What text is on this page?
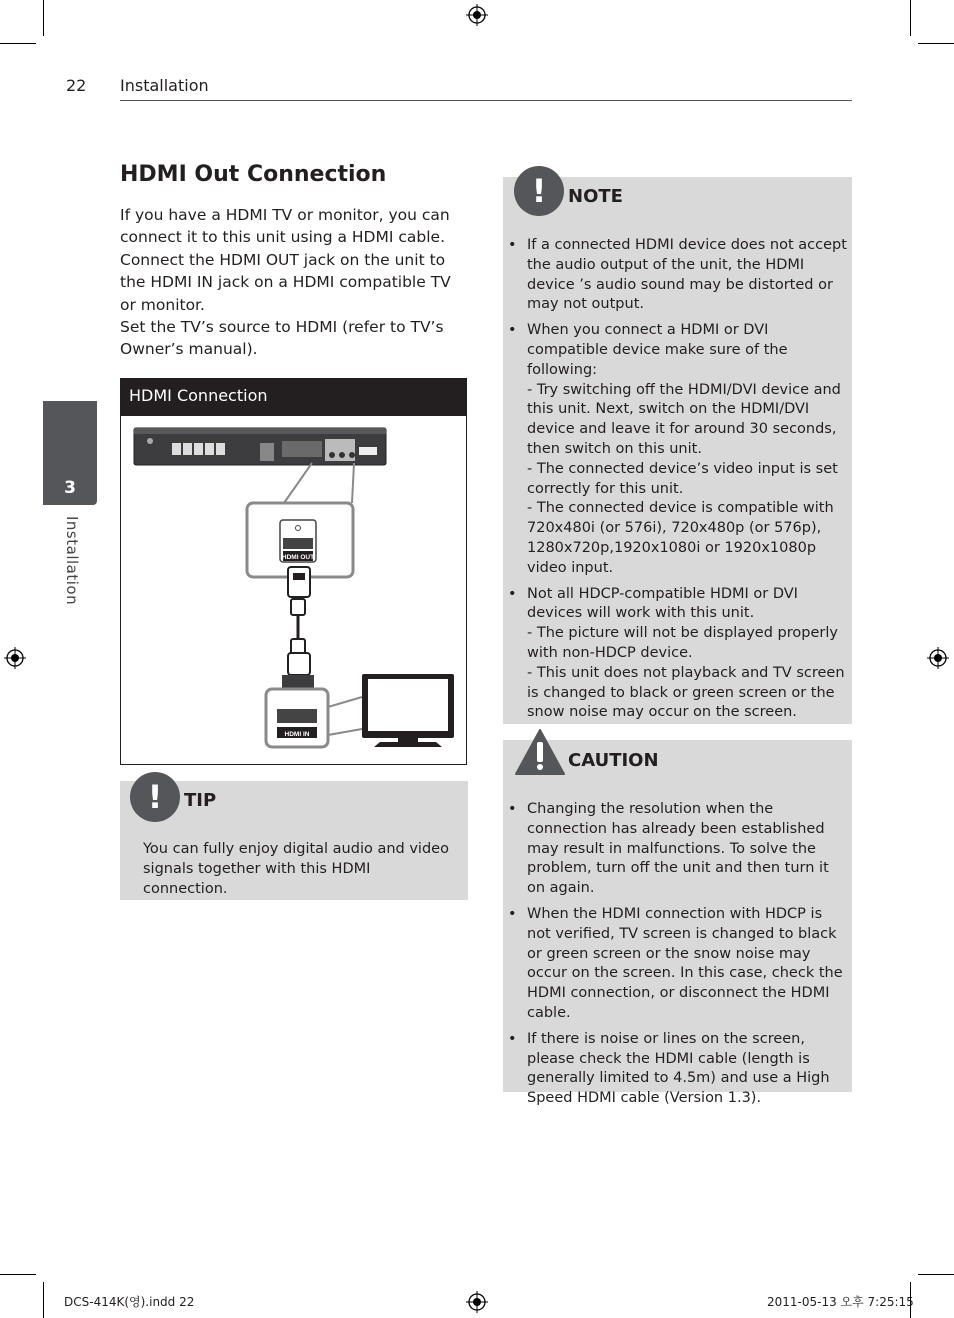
22 Installation
3
Installation
HDMI Out Connection

If you have a HDMI TV or monitor, you can connect it to this unit using a HDMI cable. Connect the HDMI OUT jack on the unit to the HDMI IN jack on a HDMI compatible TV or monitor.

Set the TV’s source to HDMI (refer to TV’s Owner’s manual).

HDMI Connection
HDMI OUT
HDMI IN
!	TIP
You can fully enjoy digital audio and video signals together with this HDMI connection.
!	NOTE
• If a connected HDMI device does not accept the audio output of the unit, the HDMI device ’s audio sound may be distorted or may not output.
• When you connect a HDMI or DVI compatible device make sure of the following:
- Try switching off the HDMI/DVI device and this unit. Next, switch on the HDMI/DVI device and leave it for around 30 seconds, then switch on this unit.
- The connected device’s video input is set correctly for this unit.
- The connected device is compatible with 720x480i (or 576i), 720x480p (or 576p), 1280x720p,1920x1080i or 1920x1080p video input.
• Not all HDCP-compatible HDMI or DVI devices will work with this unit.
- The picture will not be displayed properly with non-HDCP device.
- This unit does not playback and TV screen is changed to black or green screen or the snow noise may occur on the screen.
CAUTION
• Changing the resolution when the connection has already been established may result in malfunctions. To solve the problem, turn off the unit and then turn it on again.
• When the HDMI connection with HDCP is not verified, TV screen is changed to black or green screen or the snow noise may occur on the screen. In this case, check the HDMI connection, or disconnect the HDMI cable.
• If there is noise or lines on the screen, please check the HDMI cable (length is generally limited to 4.5m) and use a High Speed HDMI cable (Version 1.3).
DCS-414K(영).indd 22	2011-05-13 오후 7:25:15
